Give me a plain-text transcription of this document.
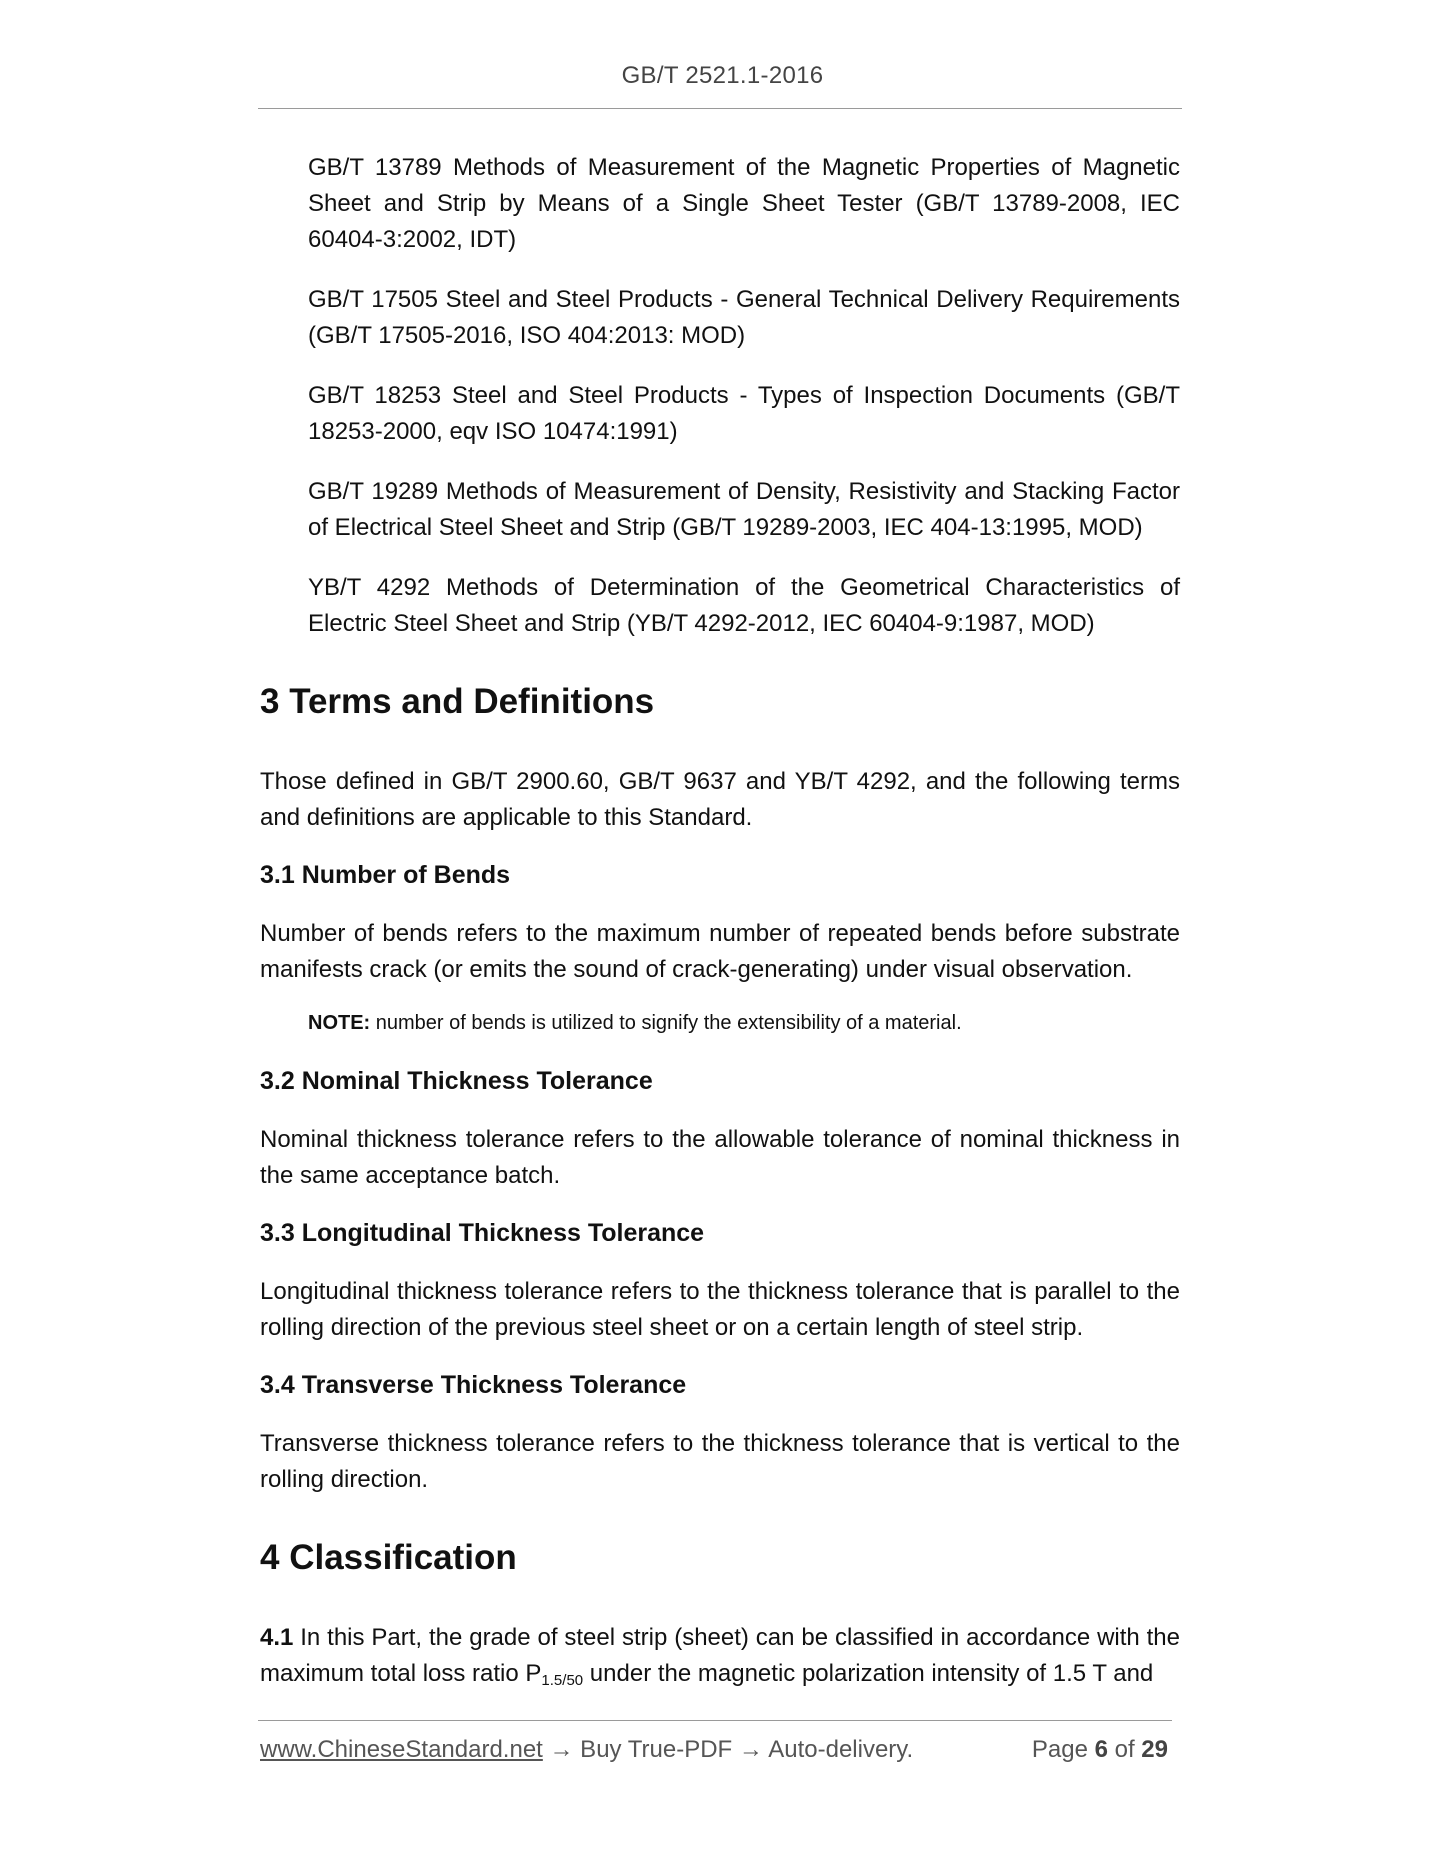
GB/T 2521.1-2016

GB/T 13789 Methods of Measurement of the Magnetic Properties of Magnetic Sheet and Strip by Means of a Single Sheet Tester (GB/T 13789-2008, IEC 60404-3:2002, IDT)

GB/T 17505 Steel and Steel Products - General Technical Delivery Requirements (GB/T 17505-2016, ISO 404:2013: MOD)

GB/T 18253 Steel and Steel Products - Types of Inspection Documents (GB/T 18253-2000, eqv ISO 10474:1991)

GB/T 19289 Methods of Measurement of Density, Resistivity and Stacking Factor of Electrical Steel Sheet and Strip (GB/T 19289-2003, IEC 404-13:1995, MOD)

YB/T 4292 Methods of Determination of the Geometrical Characteristics of Electric Steel Sheet and Strip (YB/T 4292-2012, IEC 60404-9:1987, MOD)

3 Terms and Definitions

Those defined in GB/T 2900.60, GB/T 9637 and YB/T 4292, and the following terms and definitions are applicable to this Standard.

3.1 Number of Bends

Number of bends refers to the maximum number of repeated bends before substrate manifests crack (or emits the sound of crack-generating) under visual observation.

NOTE: number of bends is utilized to signify the extensibility of a material.

3.2 Nominal Thickness Tolerance

Nominal thickness tolerance refers to the allowable tolerance of nominal thickness in the same acceptance batch.

3.3 Longitudinal Thickness Tolerance

Longitudinal thickness tolerance refers to the thickness tolerance that is parallel to the rolling direction of the previous steel sheet or on a certain length of steel strip.

3.4 Transverse Thickness Tolerance

Transverse thickness tolerance refers to the thickness tolerance that is vertical to the rolling direction.

4 Classification

4.1 In this Part, the grade of steel strip (sheet) can be classified in accordance with the maximum total loss ratio $P_{1.5/50}$ under the magnetic polarization intensity of 1.5 T and

www.ChineseStandard.net → Buy True-PDF → Auto-delivery.	Page 6 of 29
